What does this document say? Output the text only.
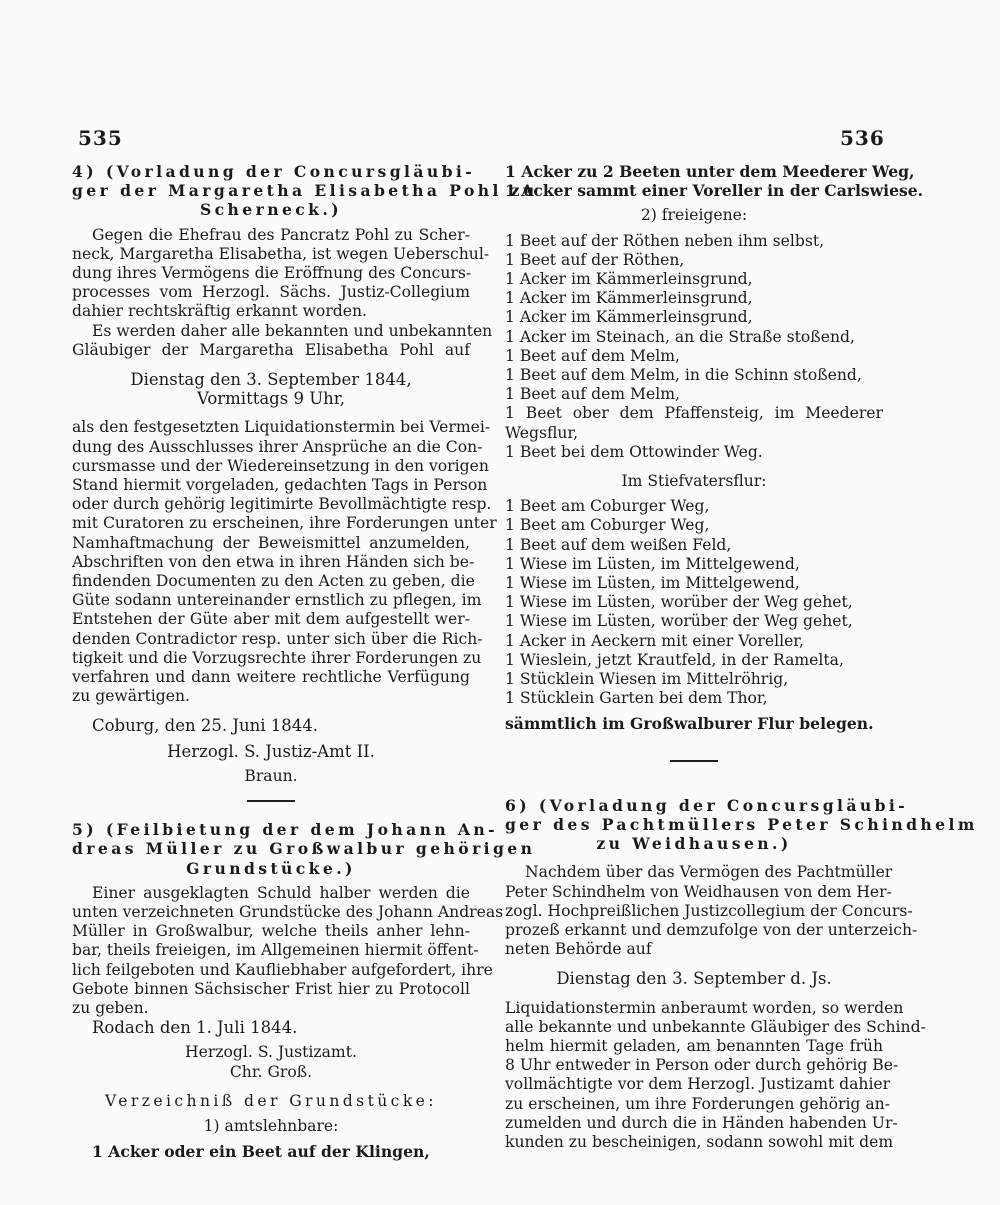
535	536
4) (Vorladung der Concursgläubi-
ger der Margaretha Elisabetha Pohl zu
Scherneck.)
Gegen die Ehefrau des Pancratz Pohl zu Scher-
neck, Margaretha Elisabetha, ist wegen Ueberschul-
dung ihres Vermögens die Eröffnung des Concurs-
processes vom Herzogl. Sächs. Justiz-Collegium
dahier rechtskräftig erkannt worden.
Es werden daher alle bekannten und unbekannten
Gläubiger der Margaretha Elisabetha Pohl auf
Dienstag den 3. September 1844,
Vormittags 9 Uhr,
als den festgesetzten Liquidationstermin bei Vermei-
dung des Ausschlusses ihrer Ansprüche an die Con-
cursmasse und der Wiedereinsetzung in den vorigen
Stand hiermit vorgeladen, gedachten Tags in Person
oder durch gehörig legitimirte Bevollmächtigte resp.
mit Curatoren zu erscheinen, ihre Forderungen unter
Namhaftmachung der Beweismittel anzumelden,
Abschriften von den etwa in ihren Händen sich be-
findenden Documenten zu den Acten zu geben, die
Güte sodann untereinander ernstlich zu pflegen, im
Entstehen der Güte aber mit dem aufgestellt wer-
denden Contradictor resp. unter sich über die Rich-
tigkeit und die Vorzugsrechte ihrer Forderungen zu
verfahren und dann weitere rechtliche Verfügung
zu gewärtigen.
Coburg, den 25. Juni 1844.
Herzogl. S. Justiz-Amt II.
Braun.
5) (Feilbietung der dem Johann An-
dreas Müller zu Großwalbur gehörigen
Grundstücke.)
Einer ausgeklagten Schuld halber werden die
unten verzeichneten Grundstücke des Johann Andreas
Müller in Großwalbur, welche theils anher lehn-
bar, theils freieigen, im Allgemeinen hiermit öffent-
lich feilgeboten und Kaufliebhaber aufgefordert, ihre
Gebote binnen Sächsischer Frist hier zu Protocoll
zu geben.
Rodach den 1. Juli 1844.
Herzogl. S. Justizamt.
Chr. Groß.
Verzeichniß der Grundstücke:
1) amtslehnbare:
1 Acker oder ein Beet auf der Klingen,
1 Acker zu 2 Beeten unter dem Meederer Weg,
1 Acker sammt einer Voreller in der Carlswiese.
2) freieigene:
1 Beet auf der Röthen neben ihm selbst,
1 Beet auf der Röthen,
1 Acker im Kämmerleinsgrund,
1 Acker im Kämmerleinsgrund,
1 Acker im Kämmerleinsgrund,
1 Acker im Steinach, an die Straße stoßend,
1 Beet auf dem Melm,
1 Beet auf dem Melm, in die Schinn stoßend,
1 Beet auf dem Melm,
1 Beet ober dem Pfaffensteig, im Meederer
Wegsflur,
1 Beet bei dem Ottowinder Weg.
Im Stiefvatersflur:
1 Beet am Coburger Weg,
1 Beet am Coburger Weg,
1 Beet auf dem weißen Feld,
1 Wiese im Lüsten, im Mittelgewend,
1 Wiese im Lüsten, im Mittelgewend,
1 Wiese im Lüsten, worüber der Weg gehet,
1 Wiese im Lüsten, worüber der Weg gehet,
1 Acker in Aeckern mit einer Voreller,
1 Wieslein, jetzt Krautfeld, in der Ramelta,
1 Stücklein Wiesen im Mittelröhrig,
1 Stücklein Garten bei dem Thor,
sämmtlich im Großwalburer Flur belegen.
6) (Vorladung der Concursgläubi-
ger des Pachtmüllers Peter Schindhelm
zu Weidhausen.)
Nachdem über das Vermögen des Pachtmüller
Peter Schindhelm von Weidhausen von dem Her-
zogl. Hochpreißlichen Justizcollegium der Concurs-
prozeß erkannt und demzufolge von der unterzeich-
neten Behörde auf
Dienstag den 3. September d. Js.
Liquidationstermin anberaumt worden, so werden
alle bekannte und unbekannte Gläubiger des Schind-
helm hiermit geladen, am benannten Tage früh
8 Uhr entweder in Person oder durch gehörig Be-
vollmächtigte vor dem Herzogl. Justizamt dahier
zu erscheinen, um ihre Forderungen gehörig an-
zumelden und durch die in Händen habenden Ur-
kunden zu bescheinigen, sodann sowohl mit dem
